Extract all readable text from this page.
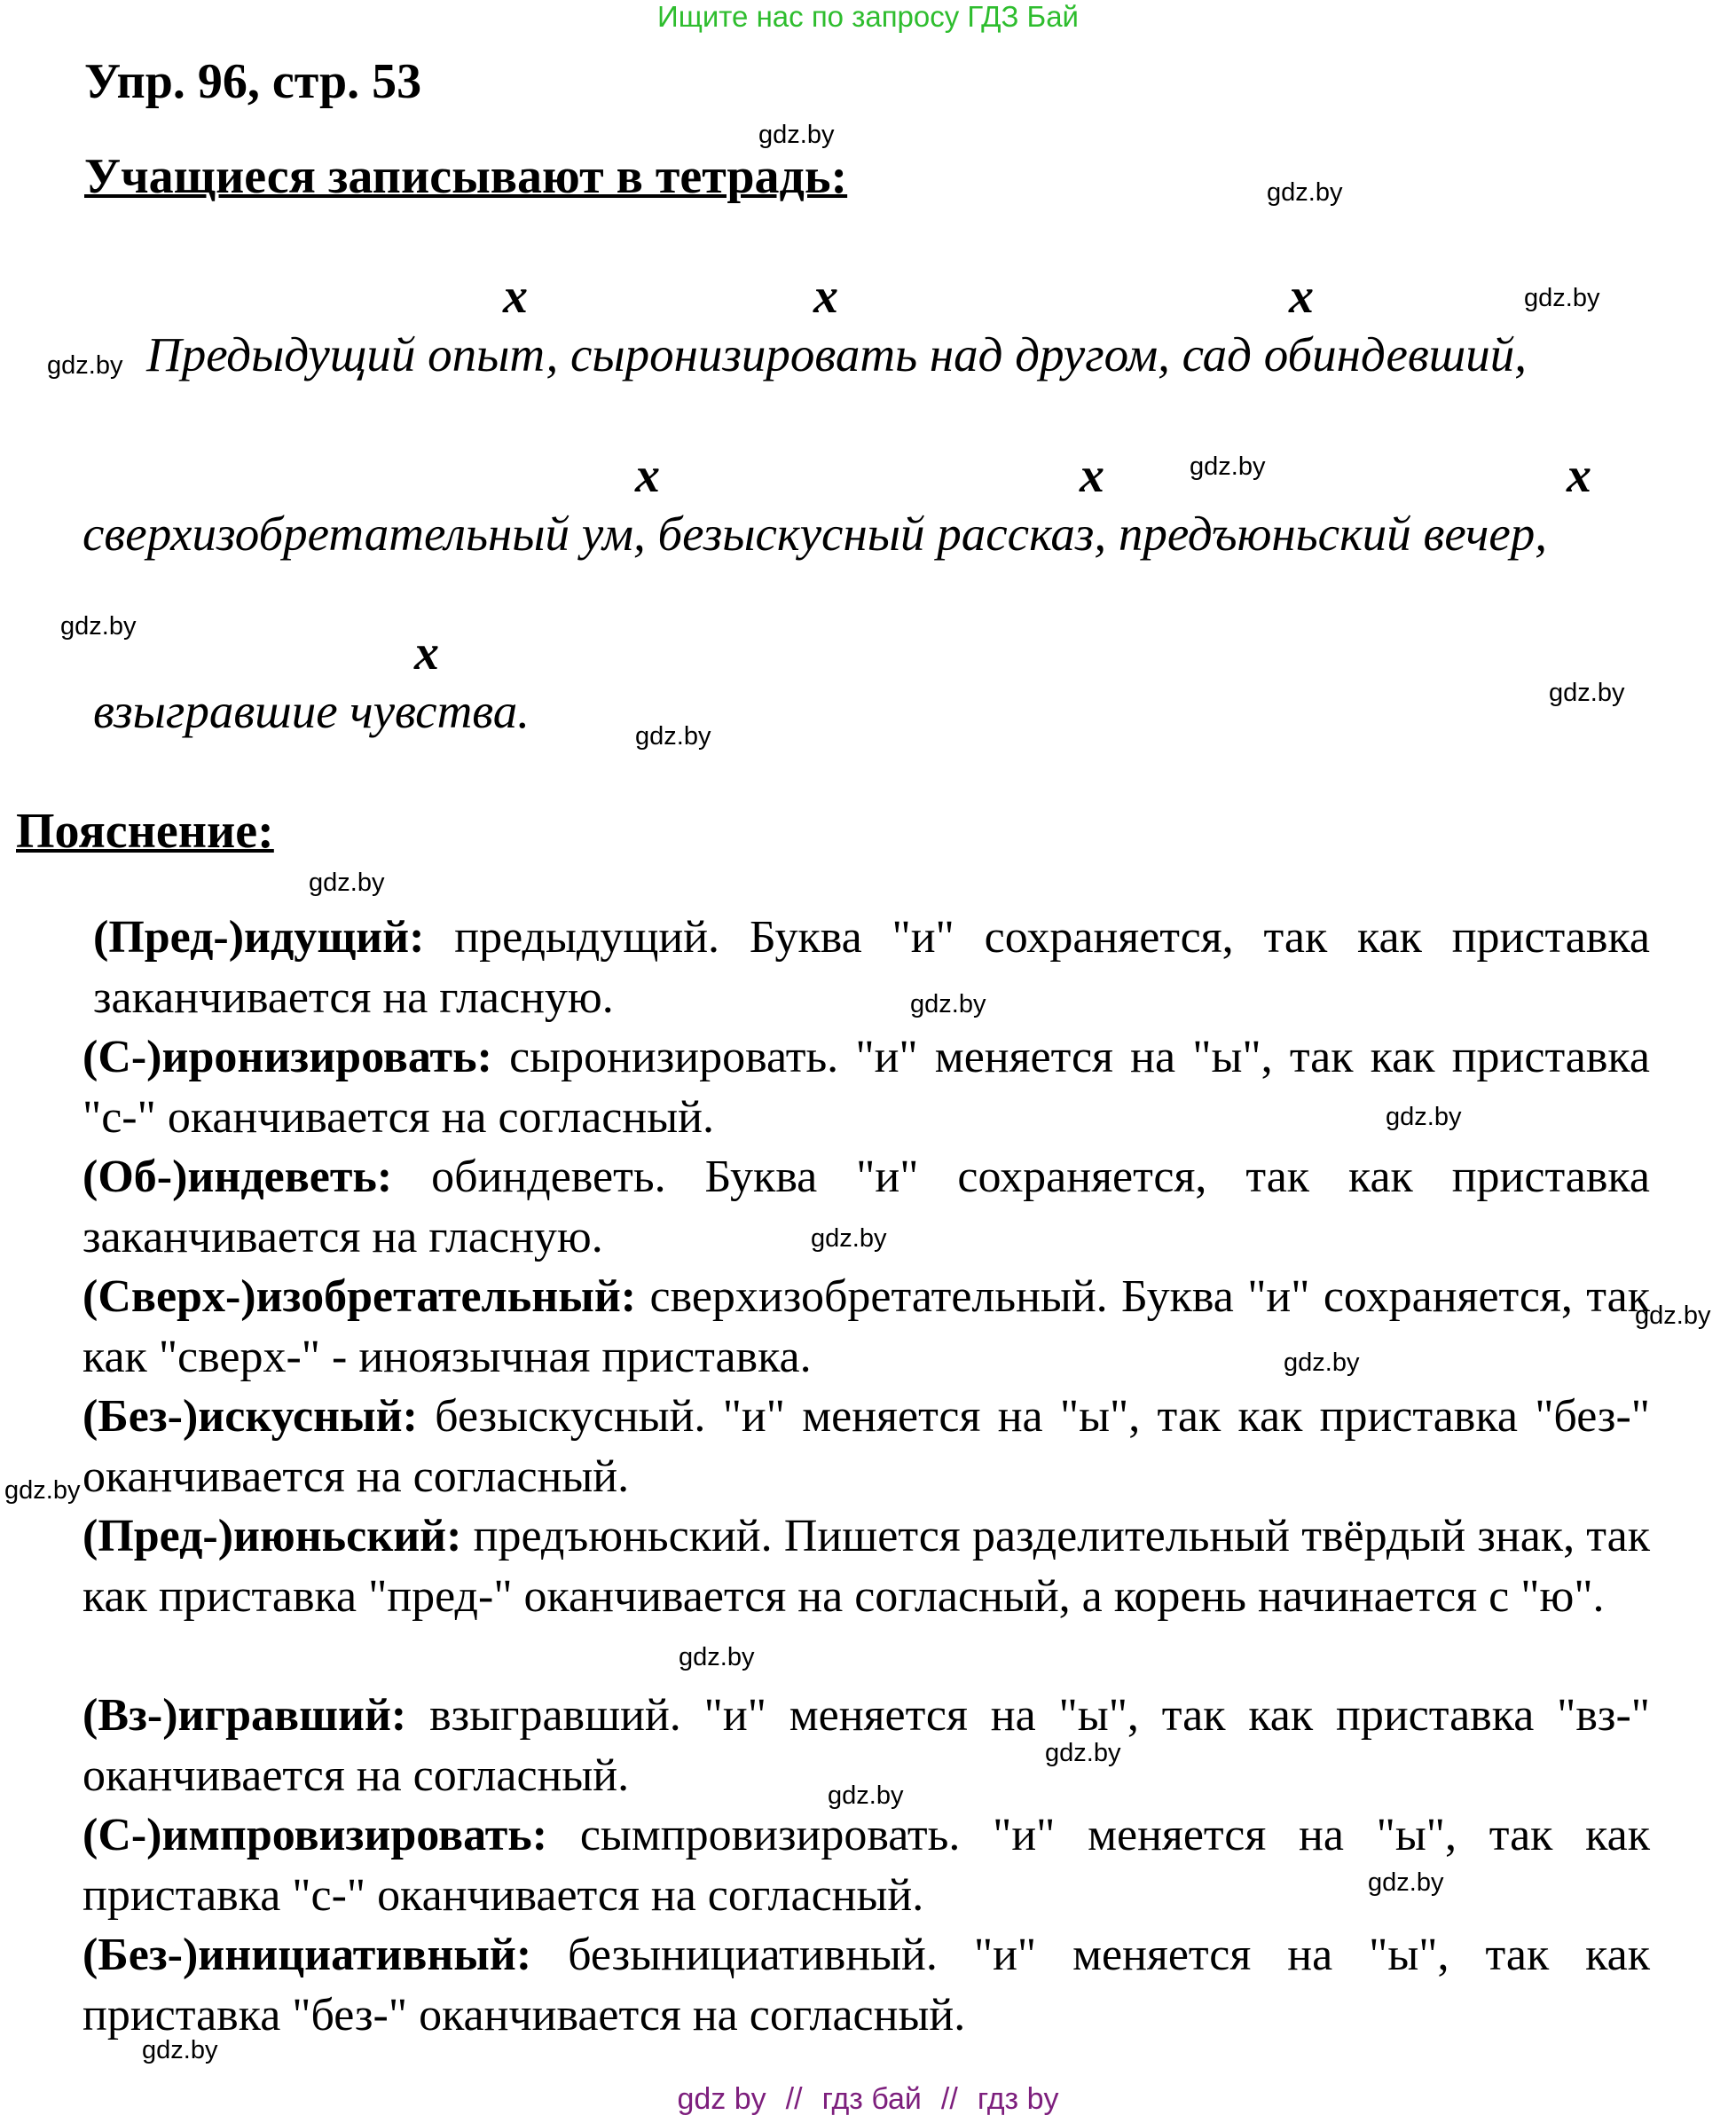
Ищите нас по запросу ГДЗ Бай
Упр. 96, стр. 53
Учащиеся записывают в тетрадь:
gdz.by
gdz.by
gdz.by
gdz.by
gdz.by
gdz.by
gdz.by
gdz.by
gdz.by
x	x	x
x	x	x
x
Предыдущий опыт, сыронизировать над другом, сад обиндевший,
сверхизобретательный ум, безыскусный рассказ, предъюньский вечер,
взыгравшие чувства.
Пояснение:
(Пред-)идущий: предыдущий. Буква "и" сохраняется, так как приставка заканчивается на гласную.
(С-)иронизировать: сыронизировать. "и" меняется на "ы", так как приставка "с-" оканчивается на согласный.
(Об-)индеветь: обиндеветь. Буква "и" сохраняется, так как приставка заканчивается на гласную.
(Сверх-)изобретательный: сверхизобретательный. Буква "и" сохраняется, так как "сверх-" - иноязычная приставка.
(Без-)искусный: безыскусный. "и" меняется на "ы", так как приставка "без-" оканчивается на согласный.
(Пред-)июньский: предъюньский. Пишется разделительный твёрдый знак, так как приставка "пред-" оканчивается на согласный, а корень начинается с "ю".
(Вз-)игравший: взыгравший. "и" меняется на "ы", так как приставка "вз-" оканчивается на согласный.
(С-)импровизировать: сымпровизировать. "и" меняется на "ы", так как приставка "с-" оканчивается на согласный.
(Без-)инициативный: безынициативный. "и" меняется на "ы", так как приставка "без-" оканчивается на согласный.
gdz.by
gdz.by
gdz.by
gdz.by
gdz.by
gdz.by
gdz.by
gdz.by
gdz.by
gdz.by
gdz.by
gdz by // гдз бай // гдз by
